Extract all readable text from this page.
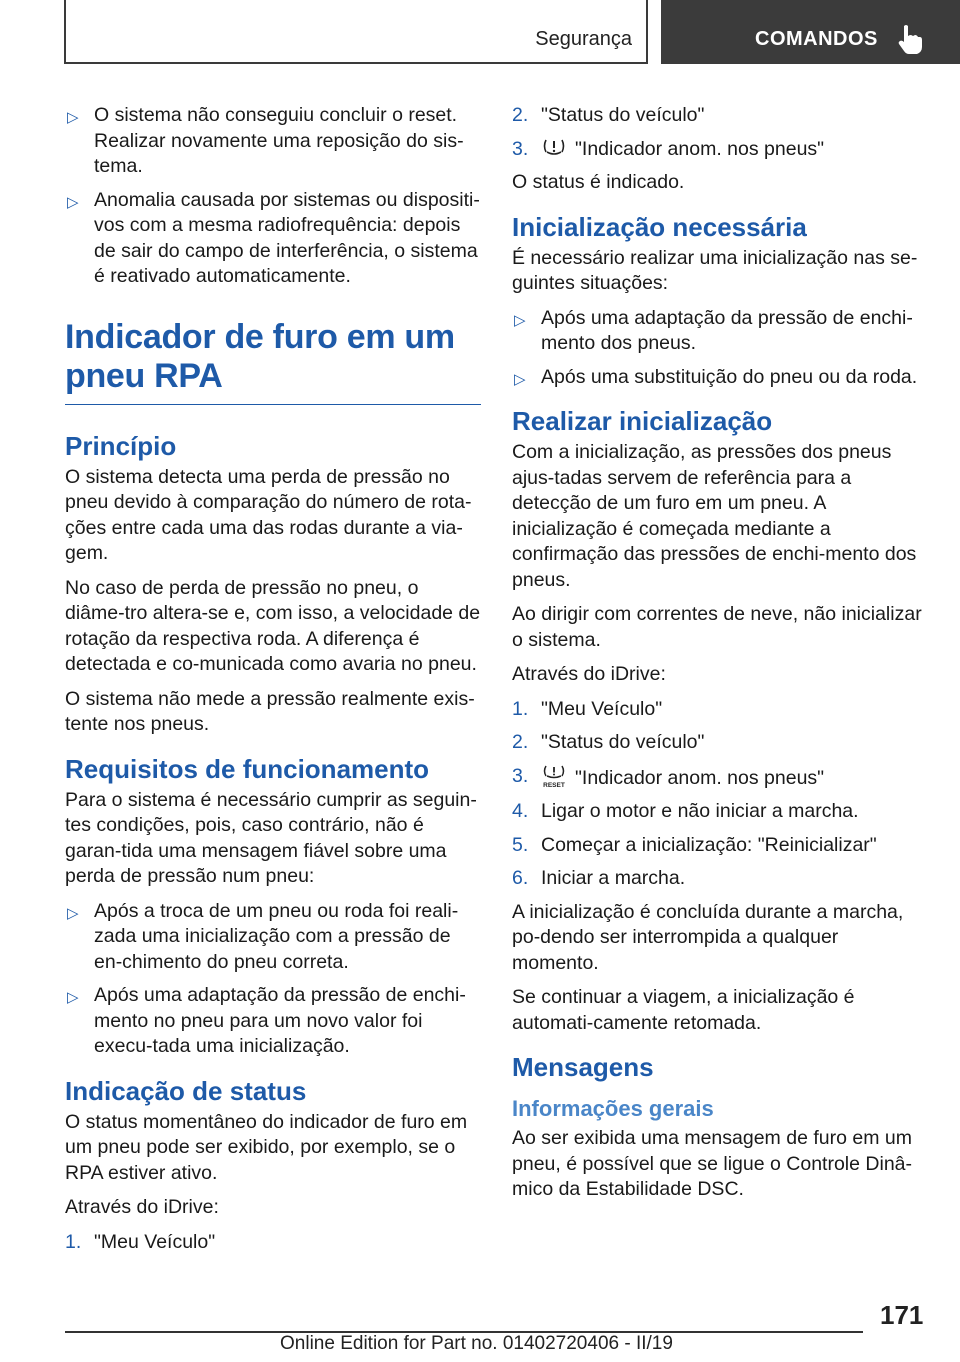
Segurança	COMANDOS
▷ O sistema não conseguiu concluir o reset. Realizar novamente uma reposição do sis-tema.
▷ Anomalia causada por sistemas ou dispositi-vos com a mesma radiofrequência: depois de sair do campo de interferência, o sistema é reativado automaticamente.
Indicador de furo em um
pneu RPA
Princípio

O sistema detecta uma perda de pressão no pneu devido à comparação do número de rota-ções entre cada uma das rodas durante a via-gem.

No caso de perda de pressão no pneu, o diâme-tro altera-se e, com isso, a velocidade de rotação da respectiva roda. A diferença é detectada e co-municada como avaria no pneu.

O sistema não mede a pressão realmente exis-tente nos pneus.

Requisitos de funcionamento

Para o sistema é necessário cumprir as seguin-tes condições, pois, caso contrário, não é garan-tida uma mensagem fiável sobre uma perda de pressão num pneu:

▷ Após a troca de um pneu ou roda foi reali-zada uma inicialização com a pressão de en-chimento do pneu correta.
▷ Após uma adaptação da pressão de enchi-mento no pneu para um novo valor foi execu-tada uma inicialização.
Indicação de status

O status momentâneo do indicador de furo em um pneu pode ser exibido, por exemplo, se o RPA estiver ativo.

Através do iDrive:

1. "Meu Veículo"
2. "Status do veículo"
3. "Indicador anom. nos pneus"

O status é indicado.

Inicialização necessária

É necessário realizar uma inicialização nas se-guintes situações:

▷ Após uma adaptação da pressão de enchi-mento dos pneus.
▷ Após uma substituição do pneu ou da roda.
Realizar inicialização

Com a inicialização, as pressões dos pneus ajus-tadas servem de referência para a detecção de um furo em um pneu. A inicialização é começada mediante a confirmação das pressões de enchi-mento dos pneus.

Ao dirigir com correntes de neve, não inicializar o sistema.

Através do iDrive:

1. "Meu Veículo"
2. "Status do veículo"
3. RESET "Indicador anom. nos pneus"
4. Ligar o motor e não iniciar a marcha.
5. Começar a inicialização: "Reinicializar"
6. Iniciar a marcha.

A inicialização é concluída durante a marcha, po-dendo ser interrompida a qualquer momento.

Se continuar a viagem, a inicialização é automati-camente retomada.

Mensagens
Informações gerais

Ao ser exibida uma mensagem de furo em um pneu, é possível que se ligue o Controle Dinâ-mico da Estabilidade DSC.

171
Online Edition for Part no. 01402720406 - II/19
